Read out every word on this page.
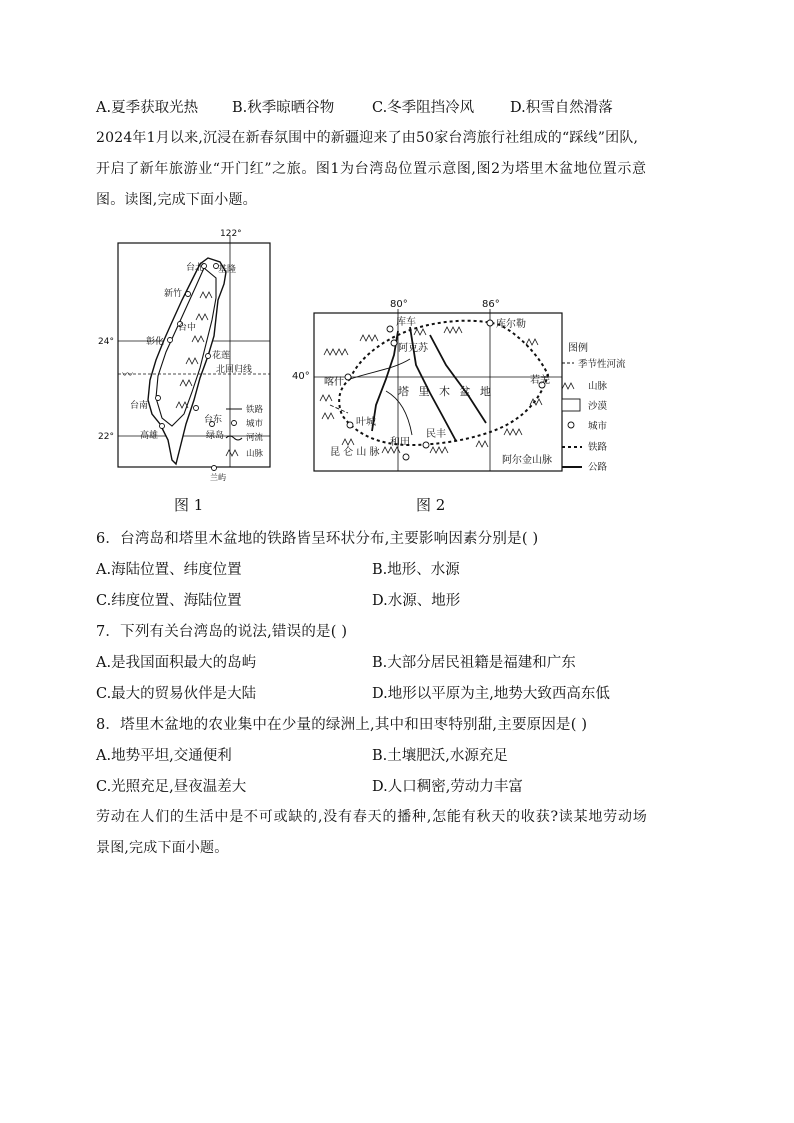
A.夏季获取光热 B.秋季晾晒谷物	C.冬季阻挡冷风 D.积雪自然滑落
2024年1月以来,沉浸在新春氛围中的新疆迎来了由50家台湾旅行社组成的“踩线”团队,
开启了新年旅游业“开门红”之旅。图1为台湾岛位置示意图,图2为塔里木盆地位置示意
图。读图,完成下面小题。
122°
24°
22°
台北 基隆
新竹
台中
彰化
花莲
台南
台东
高雄	绿岛
兰屿
北回归线
〰
铁路
城市
河流
山脉
图 1
80°	86°
40°
库车	库尔勒
阿克苏
喀什	若羌
叶城
和田
民丰
塔 里 木 盆 地
昆 仑 山 脉
阿尔金山脉
图例
季节性河流
山脉
沙漠
城市
铁路
公路
图 2
6．台湾岛和塔里木盆地的铁路皆呈环状分布,主要影响因素分别是( )
A.海陆位置、纬度位置	B.地形、水源
C.纬度位置、海陆位置	D.水源、地形
7．下列有关台湾岛的说法,错误的是( )
A.是我国面积最大的岛屿	B.大部分居民祖籍是福建和广东
C.最大的贸易伙伴是大陆	D.地形以平原为主,地势大致西高东低
8．塔里木盆地的农业集中在少量的绿洲上,其中和田枣特别甜,主要原因是( )
A.地势平坦,交通便利	B.土壤肥沃,水源充足
C.光照充足,昼夜温差大	D.人口稠密,劳动力丰富
劳动在人们的生活中是不可或缺的,没有春天的播种,怎能有秋天的收获?读某地劳动场
景图,完成下面小题。
